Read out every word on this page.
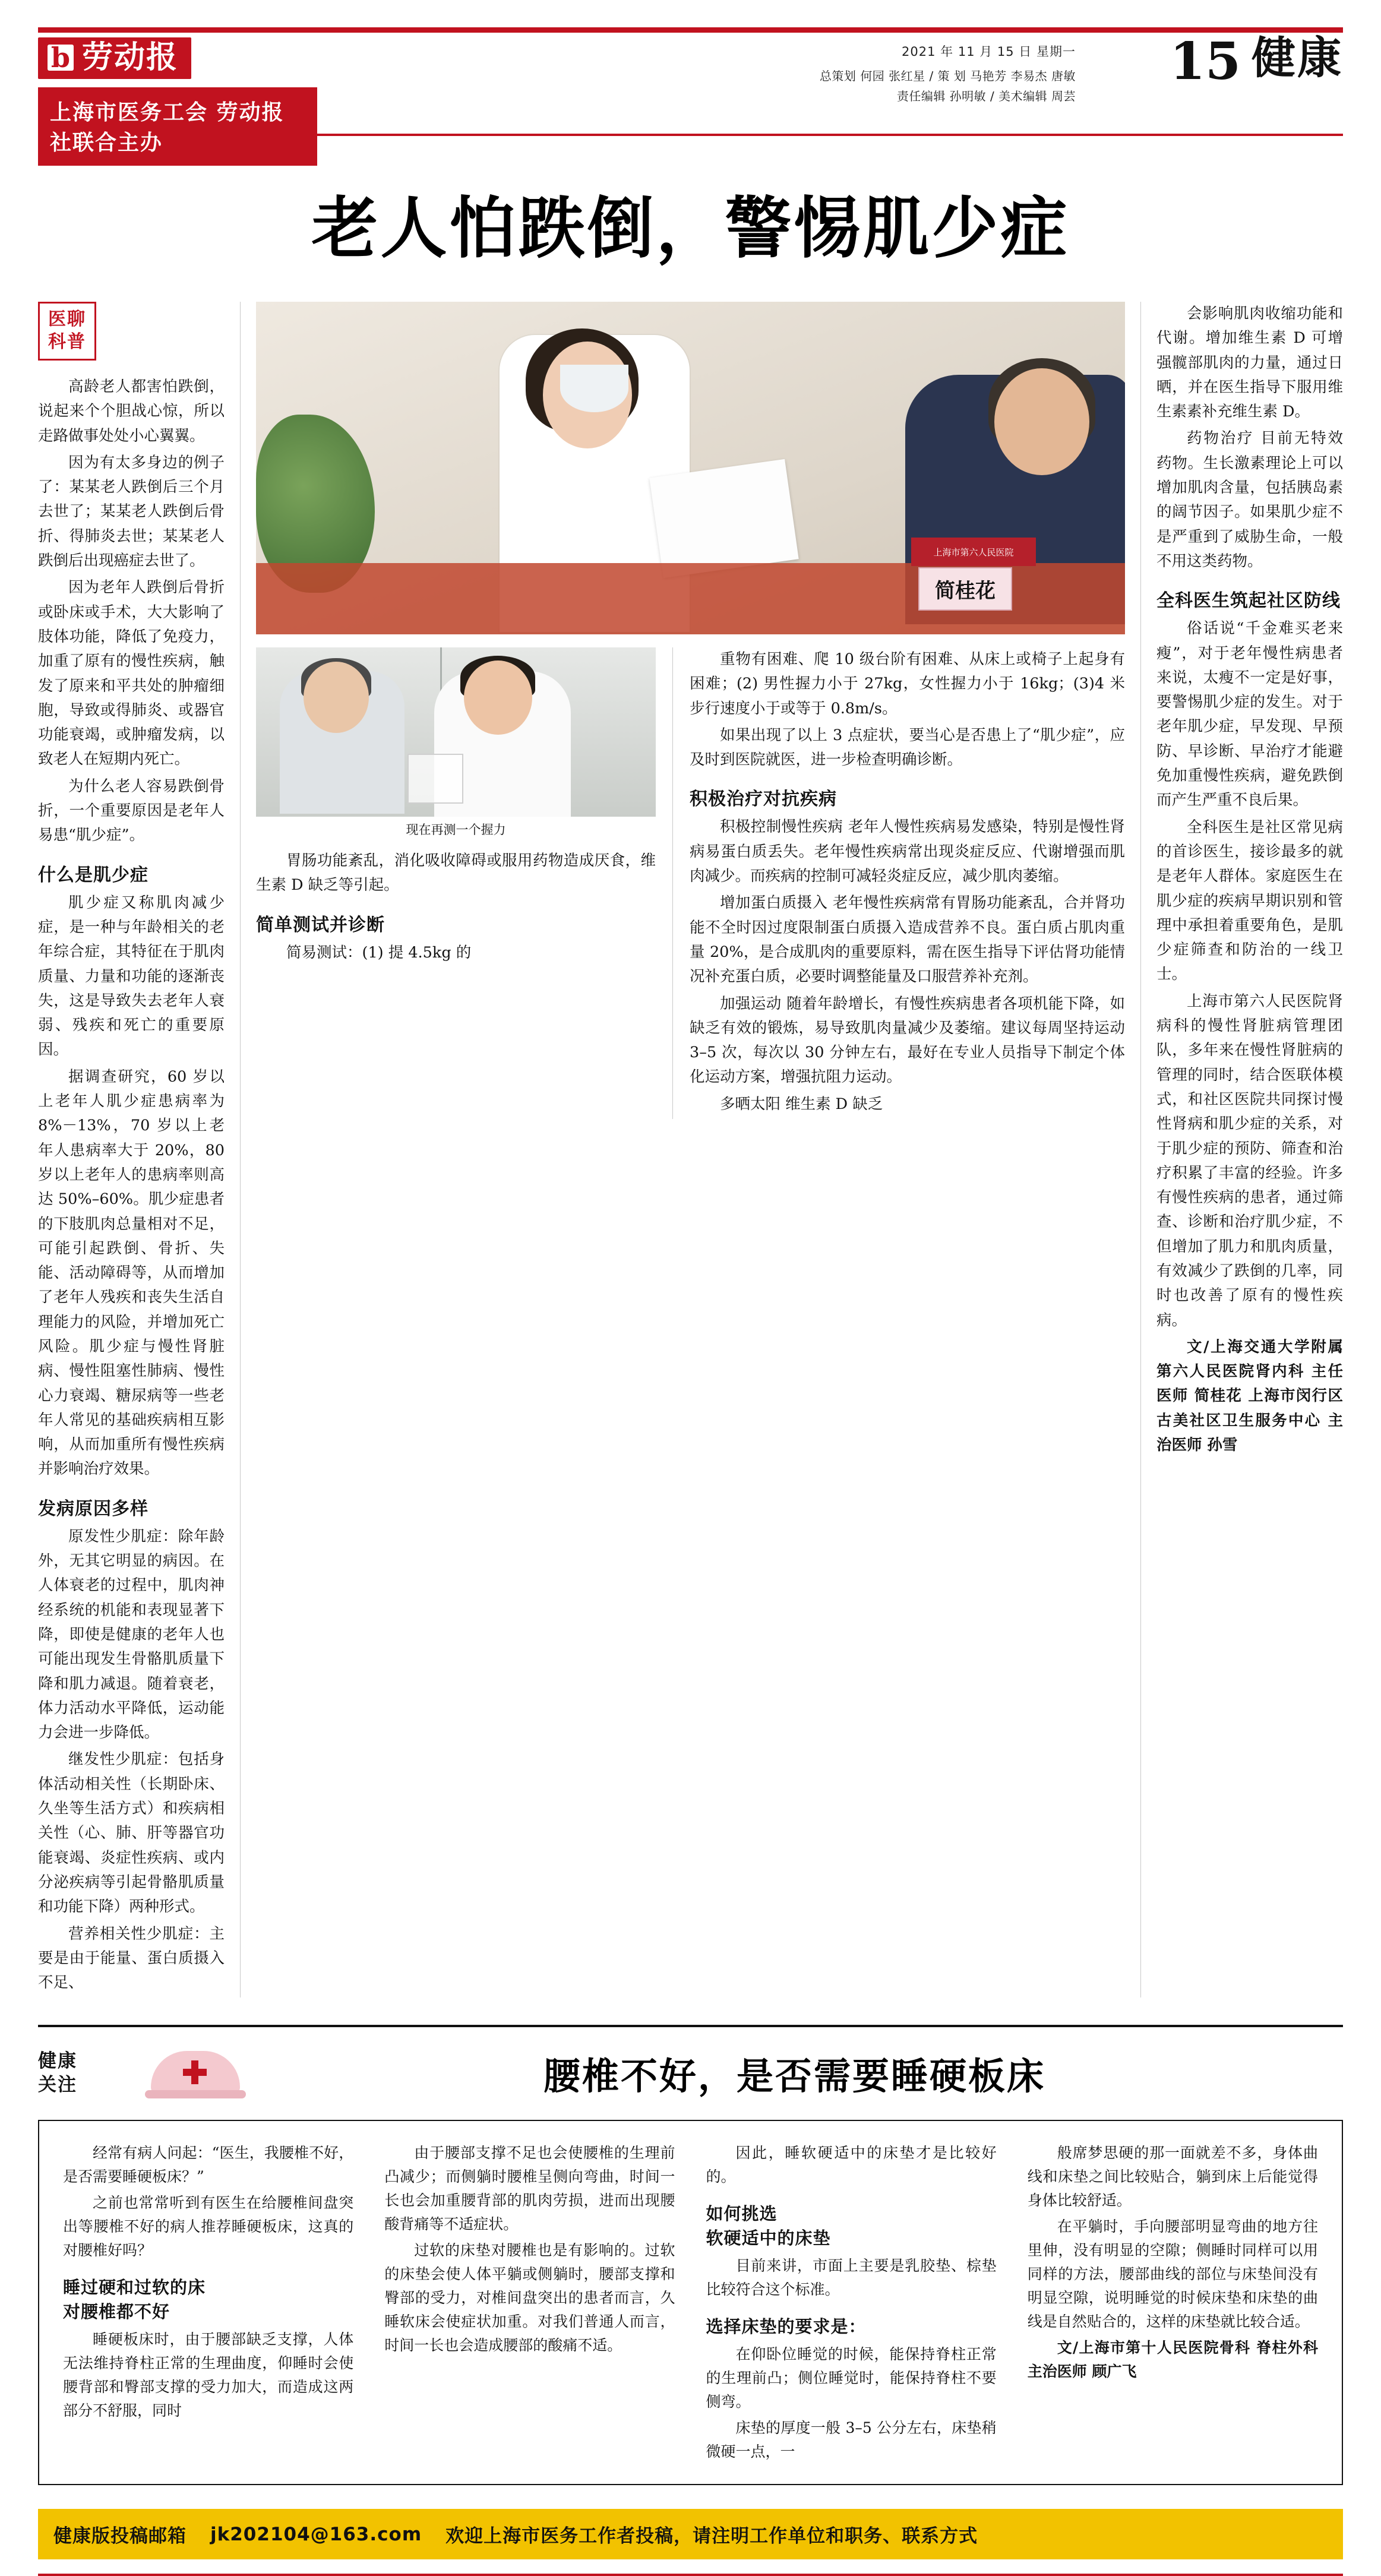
b 劳动报
上海市医务工会 劳动报社联合主办
2021 年 11 月 15 日 星期一
总策划 何园 张红星 / 策 划 马艳芳 李易杰 唐敏
责任编辑 孙明敏 / 美术编辑 周芸
15 健康
老人怕跌倒，警惕肌少症
医聊
科普

高龄老人都害怕跌倒，说起来个个胆战心惊，所以走路做事处处小心翼翼。

因为有太多身边的例子了：某某老人跌倒后三个月去世了；某某老人跌倒后骨折、得肺炎去世；某某老人跌倒后出现癌症去世了。

因为老年人跌倒后骨折或卧床或手术，大大影响了肢体功能，降低了免疫力，加重了原有的慢性疾病，触发了原来和平共处的肿瘤细胞，导致或得肺炎、或器官功能衰竭，或肿瘤发病，以致老人在短期内死亡。

为什么老人容易跌倒骨折，一个重要原因是老年人易患“肌少症”。

什么是肌少症

肌少症又称肌肉减少症，是一种与年龄相关的老年综合症，其特征在于肌肉质量、力量和功能的逐渐丧失，这是导致失去老年人衰弱、残疾和死亡的重要原因。

据调查研究，60 岁以上老年人肌少症患病率为 8%－13%，70 岁以上老年人患病率大于 20%，80 岁以上老年人的患病率则高达 50%–60%。肌少症患者的下肢肌肉总量相对不足，可能引起跌倒、骨折、失能、活动障碍等，从而增加了老年人残疾和丧失生活自理能力的风险，并增加死亡风险。肌少症与慢性肾脏病、慢性阻塞性肺病、慢性心力衰竭、糖尿病等一些老年人常见的基础疾病相互影响，从而加重所有慢性疾病并影响治疗效果。

发病原因多样

原发性少肌症：除年龄外，无其它明显的病因。在人体衰老的过程中，肌肉神经系统的机能和表现显著下降，即使是健康的老年人也可能出现发生骨骼肌质量下降和肌力减退。随着衰老，体力活动水平降低，运动能力会进一步降低。

继发性少肌症：包括身体活动相关性（长期卧床、久坐等生活方式）和疾病相关性（心、肺、肝等器官功能衰竭、炎症性疾病、或内分泌疾病等引起骨骼肌质量和功能下降）两种形式。

营养相关性少肌症：主要是由于能量、蛋白质摄入不足、

上海市第六人民医院
简桂花
现在再测一个握力

胃肠功能紊乱，消化吸收障碍或服用药物造成厌食，维生素 D 缺乏等引起。

简单测试并诊断

简易测试：(1) 提 4.5kg 的

重物有困难、爬 10 级台阶有困难、从床上或椅子上起身有困难；(2) 男性握力小于 27kg，女性握力小于 16kg；(3)4 米步行速度小于或等于 0.8m/s。

如果出现了以上 3 点症状，要当心是否患上了“肌少症”，应及时到医院就医，进一步检查明确诊断。

积极治疗对抗疾病

积极控制慢性疾病 老年人慢性疾病易发感染，特别是慢性肾病易蛋白质丢失。老年慢性疾病常出现炎症反应、代谢增强而肌肉减少。而疾病的控制可减轻炎症反应，减少肌肉萎缩。

增加蛋白质摄入 老年慢性疾病常有胃肠功能紊乱，合并肾功能不全时因过度限制蛋白质摄入造成营养不良。蛋白质占肌肉重量 20%，是合成肌肉的重要原料，需在医生指导下评估肾功能情况补充蛋白质，必要时调整能量及口服营养补充剂。

加强运动 随着年龄增长，有慢性疾病患者各项机能下降，如缺乏有效的锻炼，易导致肌肉量减少及萎缩。建议每周坚持运动 3–5 次，每次以 30 分钟左右，最好在专业人员指导下制定个体化运动方案，增强抗阻力运动。

多晒太阳 维生素 D 缺乏

会影响肌肉收缩功能和代谢。增加维生素 D 可增强髋部肌肉的力量，通过日晒，并在医生指导下服用维生素素补充维生素 D。

药物治疗 目前无特效药物。生长激素理论上可以增加肌肉含量，包括胰岛素的阔节因子。如果肌少症不是严重到了威胁生命，一般不用这类药物。

全科医生筑起社区防线

俗话说“千金难买老来瘦”，对于老年慢性病患者来说，太瘦不一定是好事，要警惕肌少症的发生。对于老年肌少症，早发现、早预防、早诊断、早治疗才能避免加重慢性疾病，避免跌倒而产生严重不良后果。

全科医生是社区常见病的首诊医生，接诊最多的就是老年人群体。家庭医生在肌少症的疾病早期识别和管理中承担着重要角色，是肌少症筛查和防治的一线卫士。

上海市第六人民医院肾病科的慢性肾脏病管理团队，多年来在慢性肾脏病的管理的同时，结合医联体模式，和社区医院共同探讨慢性肾病和肌少症的关系，对于肌少症的预防、筛查和治疗积累了丰富的经验。许多有慢性疾病的患者，通过筛查、诊断和治疗肌少症，不但增加了肌力和肌肉质量，有效减少了跌倒的几率，同时也改善了原有的慢性疾病。

文/上海交通大学附属第六人民医院肾内科 主任医师 简桂花 上海市闵行区古美社区卫生服务中心 主治医师 孙雪

健康
关注	腰椎不好，是否需要睡硬板床

经常有病人问起：“医生，我腰椎不好，是否需要睡硬板床？”

之前也常常听到有医生在给腰椎间盘突出等腰椎不好的病人推荐睡硬板床，这真的对腰椎好吗？

睡过硬和过软的床
对腰椎都不好

睡硬板床时，由于腰部缺乏支撑，人体无法维持脊柱正常的生理曲度，仰睡时会使腰背部和臀部支撑的受力加大，而造成这两部分不舒服，同时

由于腰部支撑不足也会使腰椎的生理前凸减少；而侧躺时腰椎呈侧向弯曲，时间一长也会加重腰背部的肌肉劳损，进而出现腰酸背痛等不适症状。

过软的床垫对腰椎也是有影响的。过软的床垫会使人体平躺或侧躺时，腰部支撑和臀部的受力，对椎间盘突出的患者而言，久睡软床会使症状加重。对我们普通人而言，时间一长也会造成腰部的酸痛不适。

因此，睡软硬适中的床垫才是比较好的。

如何挑选
软硬适中的床垫

目前来讲，市面上主要是乳胶垫、棕垫比较符合这个标准。

选择床垫的要求是：

在仰卧位睡觉的时候，能保持脊柱正常的生理前凸；侧位睡觉时，能保持脊柱不要侧弯。

床垫的厚度一般 3–5 公分左右，床垫稍微硬一点，一

般席梦思硬的那一面就差不多，身体曲线和床垫之间比较贴合，躺到床上后能觉得身体比较舒适。

在平躺时，手向腰部明显弯曲的地方往里伸，没有明显的空隙；侧睡时同样可以用同样的方法，腰部曲线的部位与床垫间没有明显空隙，说明睡觉的时候床垫和床垫的曲线是自然贴合的，这样的床垫就比较合适。

文/上海市第十人民医院骨科 脊柱外科 主治医师 顾广飞

健康版投稿邮箱 jk202104@163.com 欢迎上海市医务工作者投稿，请注明工作单位和职务、联系方式
